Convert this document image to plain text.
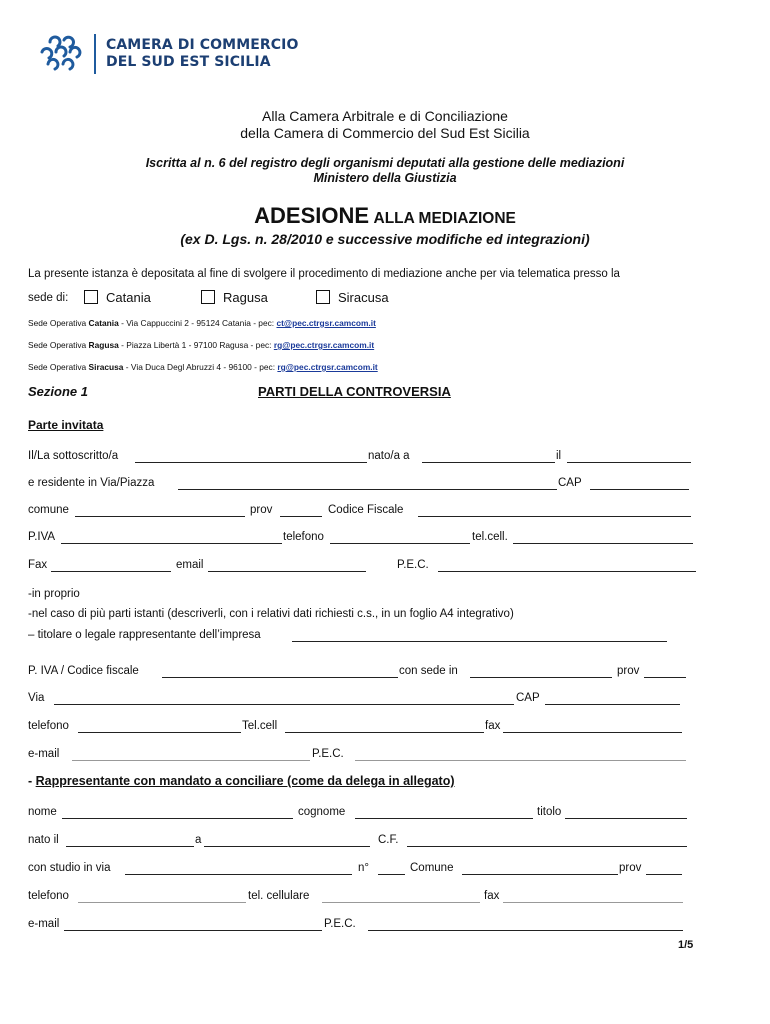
CAMERA DI COMMERCIO
DEL SUD EST SICILIA
Alla Camera Arbitrale e di Conciliazione
della Camera di Commercio del Sud Est Sicilia
Iscritta al n. 6 del registro degli organismi deputati alla gestione delle mediazioni
Ministero della Giustizia
ADESIONE ALLA MEDIAZIONE
(ex D. Lgs. n. 28/2010 e successive modifiche ed integrazioni)
La presente istanza è depositata al fine di svolgere il procedimento di mediazione anche per via telematica presso la
sede di:	Catania	Ragusa	Siracusa
Sede Operativa Catania - Via Cappuccini 2 - 95124 Catania - pec: ct@pec.ctrgsr.camcom.it
Sede Operativa Ragusa - Piazza Libertà 1 - 97100 Ragusa - pec: rg@pec.ctrgsr.camcom.it
Sede Operativa Siracusa - Via Duca Degl Abruzzi 4 - 96100 - pec: rg@pec.ctrgsr.camcom.it
Sezione 1	PARTI DELLA CONTROVERSIA
Parte invitata
Il/La sottoscritto/a	nato/a a	il
e residente in Via/Piazza	CAP
comune	prov	Codice Fiscale
P.IVA	telefono	tel.cell.
Fax	email	P.E.C.
-in proprio
-nel caso di più parti istanti (descriverli, con i relativi dati richiesti c.s., in un foglio A4 integrativo)
– titolare o legale rappresentante dell’impresa
P. IVA / Codice fiscale	con sede in	prov
Via	CAP
telefono	Tel.cell	fax
e-mail	P.E.C.
- Rappresentante con mandato a conciliare (come da delega in allegato)
nome	cognome	titolo
nato il	a	C.F.
con studio in via	n°	Comune	prov
telefono	tel. cellulare	fax
e-mail	P.E.C.
1/5
